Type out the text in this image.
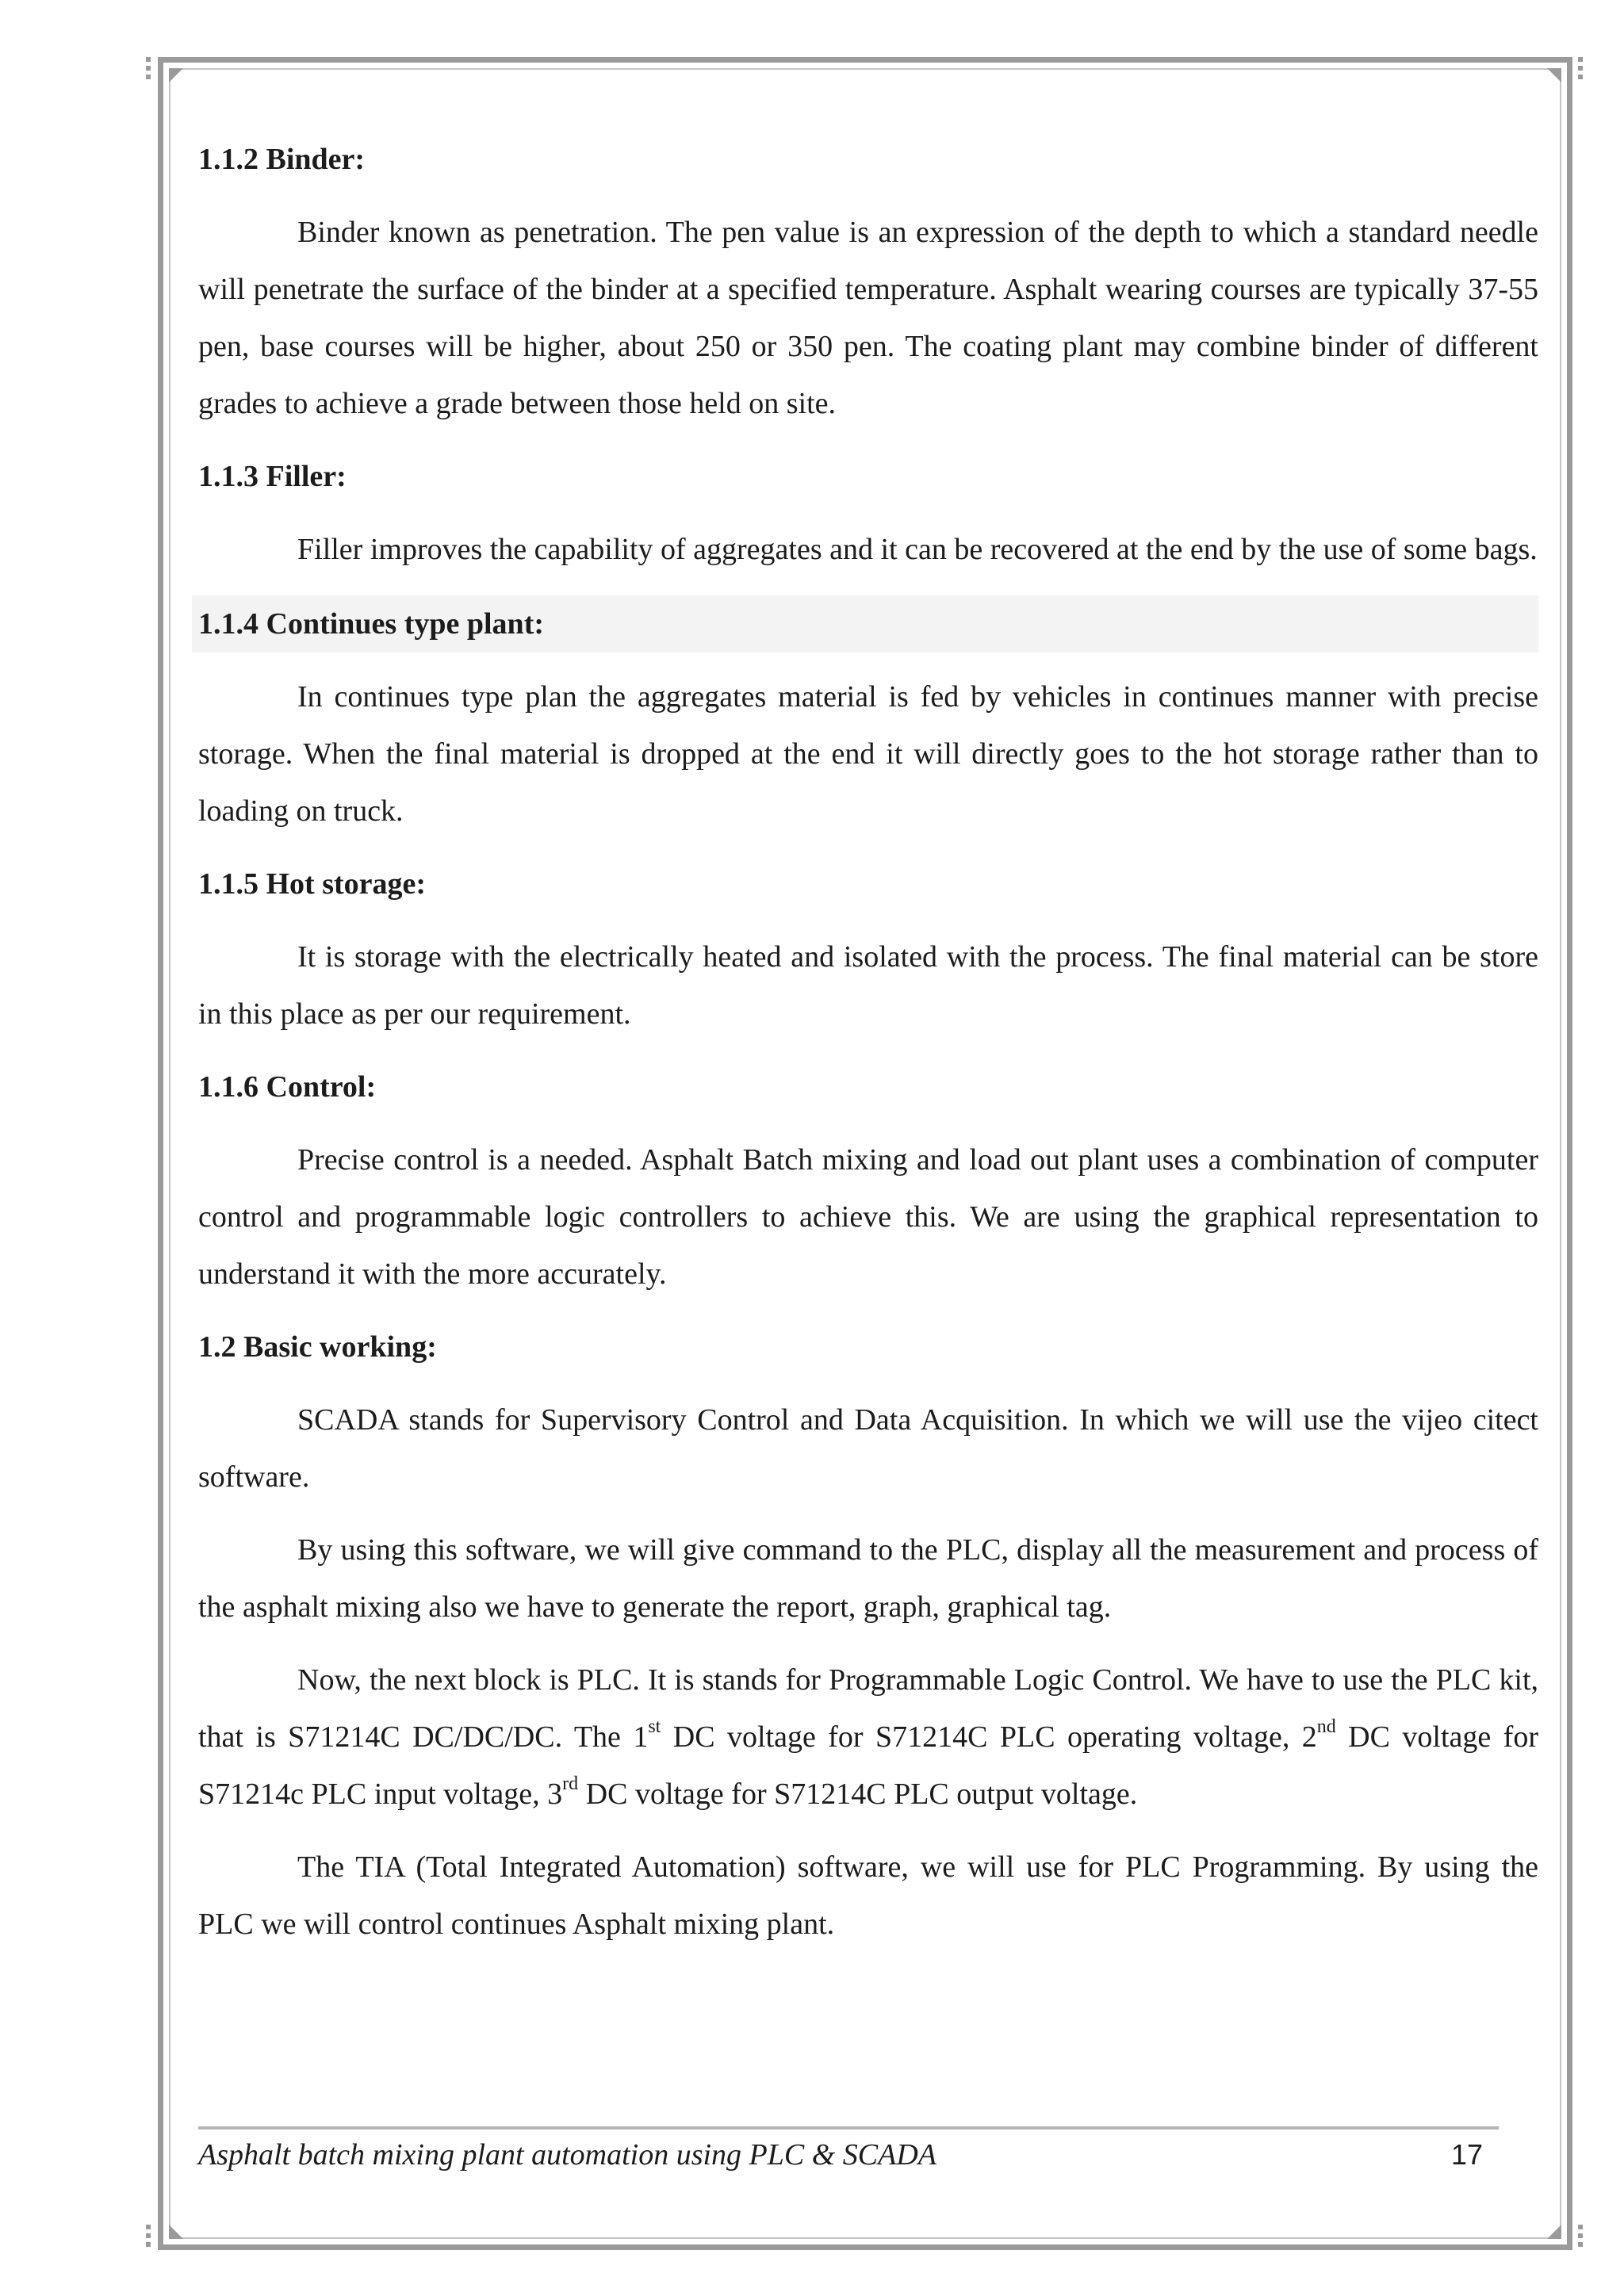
1.1.2 Binder:

Binder known as penetration. The pen value is an expression of the depth to which a standard needle will penetrate the surface of the binder at a specified temperature. Asphalt wearing courses are typically 37-55 pen, base courses will be higher, about 250 or 350 pen. The coating plant may combine binder of different grades to achieve a grade between those held on site.

1.1.3 Filler:

Filler improves the capability of aggregates and it can be recovered at the end by the use of some bags.

1.1.4 Continues type plant:

In continues type plan the aggregates material is fed by vehicles in continues manner with precise storage. When the final material is dropped at the end it will directly goes to the hot storage rather than to loading on truck.

1.1.5 Hot storage:

It is storage with the electrically heated and isolated with the process. The final material can be store in this place as per our requirement.

1.1.6 Control:

Precise control is a needed. Asphalt Batch mixing and load out plant uses a combination of computer control and programmable logic controllers to achieve this. We are using the graphical representation to understand it with the more accurately.

1.2 Basic working:

SCADA stands for Supervisory Control and Data Acquisition. In which we will use the vijeo citect software.

By using this software, we will give command to the PLC, display all the measurement and process of the asphalt mixing also we have to generate the report, graph, graphical tag.

Now, the next block is PLC. It is stands for Programmable Logic Control. We have to use the PLC kit, that is S71214C DC/DC/DC. The 1st DC voltage for S71214C PLC operating voltage, 2nd DC voltage for S71214c PLC input voltage, 3rd DC voltage for S71214C PLC output voltage.

The TIA (Total Integrated Automation) software, we will use for PLC Programming. By using the PLC we will control continues Asphalt mixing plant.

Asphalt batch mixing plant automation using PLC & SCADA	17
